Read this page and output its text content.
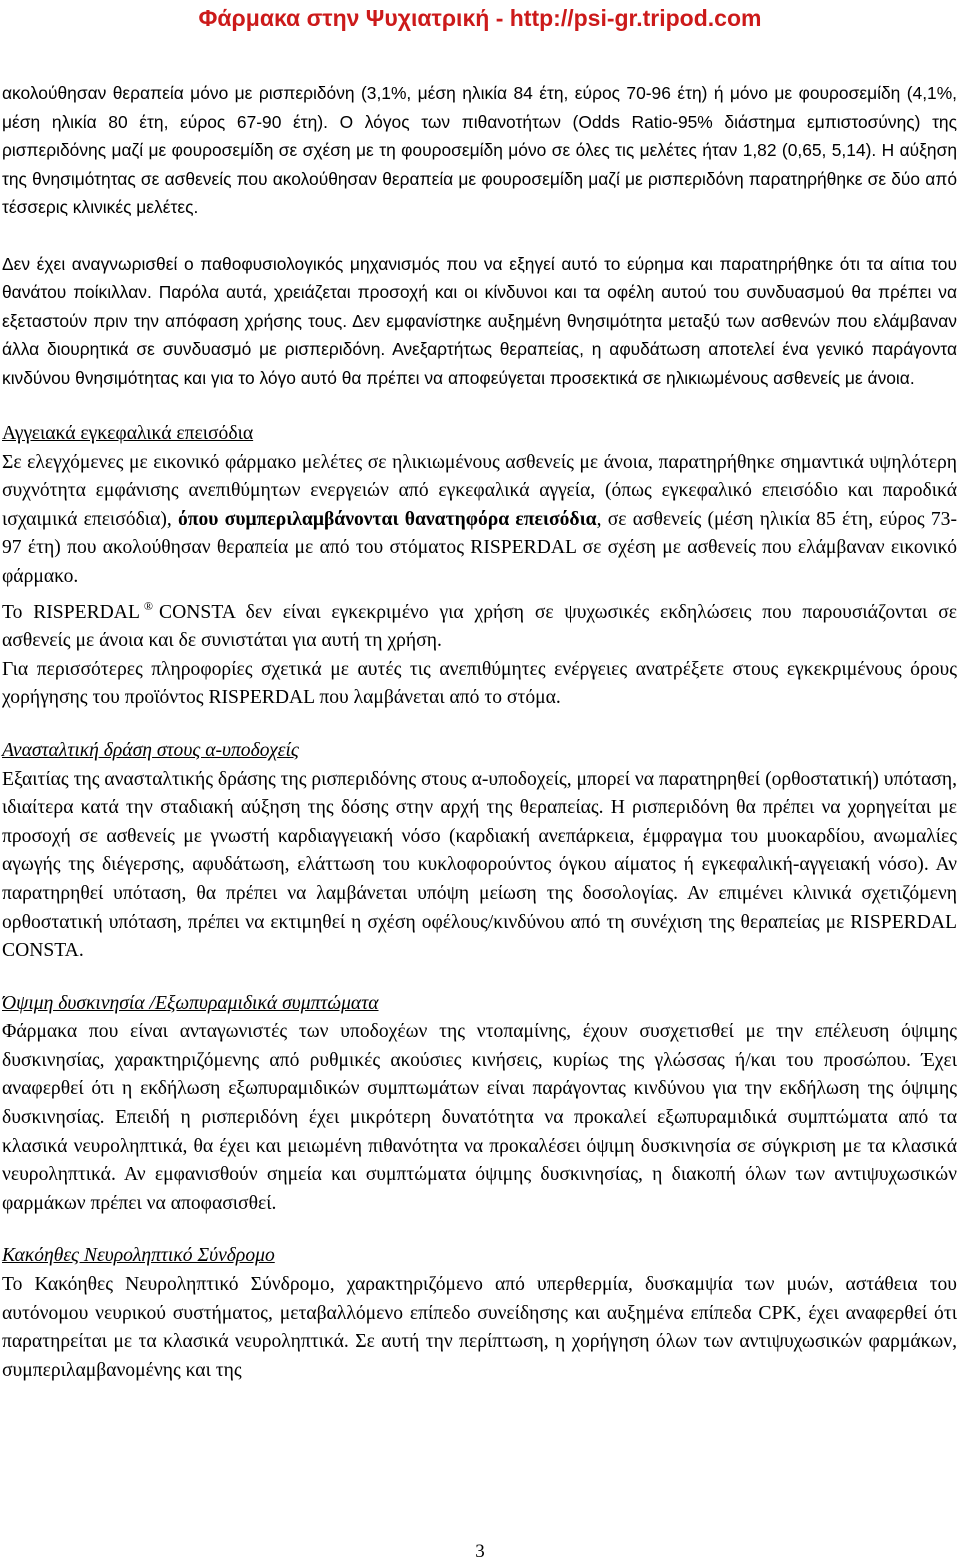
Φάρμακα στην Ψυχιατρική - http://psi-gr.tripod.com

ακολούθησαν θεραπεία μόνο με ρισπεριδόνη (3,1%, μέση ηλικία 84 έτη, εύρος 70-96 έτη) ή μόνο με φουροσεμίδη (4,1%, μέση ηλικία 80 έτη, εύρος 67-90 έτη). Ο λόγος των πιθανοτήτων (Odds Ratio-95% διάστημα εμπιστοσύνης) της ρισπεριδόνης μαζί με φουροσεμίδη σε σχέση με τη φουροσεμίδη μόνο σε όλες τις μελέτες ήταν 1,82 (0,65, 5,14). Η αύξηση της θνησιμότητας σε ασθενείς που ακολούθησαν θεραπεία με φουροσεμίδη μαζί με ρισπεριδόνη παρατηρήθηκε σε δύο από τέσσερις κλινικές μελέτες.

Δεν έχει αναγνωρισθεί ο παθοφυσιολογικός μηχανισμός που να εξηγεί αυτό το εύρημα και παρατηρήθηκε ότι τα αίτια του θανάτου ποίκιλλαν. Παρόλα αυτά, χρειάζεται προσοχή και οι κίνδυνοι και τα οφέλη αυτού του συνδυασμού θα πρέπει να εξεταστούν πριν την απόφαση χρήσης τους. Δεν εμφανίστηκε αυξημένη θνησιμότητα μεταξύ των ασθενών που ελάμβαναν άλλα διουρητικά σε συνδυασμό με ρισπεριδόνη. Ανεξαρτήτως θεραπείας, η αφυδάτωση αποτελεί ένα γενικό παράγοντα κινδύνου θνησιμότητας και για το λόγο αυτό θα πρέπει να αποφεύγεται προσεκτικά σε ηλικιωμένους ασθενείς με άνοια.

Αγγειακά εγκεφαλικά επεισόδια

Σε ελεγχόμενες με εικονικό φάρμακο μελέτες σε ηλικιωμένους ασθενείς με άνοια, παρατηρήθηκε σημαντικά υψηλότερη συχνότητα εμφάνισης ανεπιθύμητων ενεργειών από εγκεφαλικά αγγεία, (όπως εγκεφαλικό επεισόδιο και παροδικά ισχαιμικά επεισόδια), όπου συμπεριλαμβάνονται θανατηφόρα επεισόδια, σε ασθενείς (μέση ηλικία 85 έτη, εύρος 73-97 έτη) που ακολούθησαν θεραπεία με από του στόματος RISPERDAL σε σχέση με ασθενείς που ελάμβαναν εικονικό φάρμακο.

Το RISPERDAL ® CONSTA δεν είναι εγκεκριμένο για χρήση σε ψυχωσικές εκδηλώσεις που παρουσιάζονται σε ασθενείς με άνοια και δε συνιστάται για αυτή τη χρήση.

Για περισσότερες πληροφορίες σχετικά με αυτές τις ανεπιθύμητες ενέργειες ανατρέξετε στους εγκεκριμένους όρους χορήγησης του προϊόντος RISPERDAL που λαμβάνεται από το στόμα.

Ανασταλτική δράση στους α-υποδοχείς

Εξαιτίας της ανασταλτικής δράσης της ρισπεριδόνης στους α-υποδοχείς, μπορεί να παρατηρηθεί (ορθοστατική) υπόταση, ιδιαίτερα κατά την σταδιακή αύξηση της δόσης στην αρχή της θεραπείας. Η ρισπεριδόνη θα πρέπει να χορηγείται με προσοχή σε ασθενείς με γνωστή καρδιαγγειακή νόσο (καρδιακή ανεπάρκεια, έμφραγμα του μυοκαρδίου, ανωμαλίες αγωγής της διέγερσης, αφυδάτωση, ελάττωση του κυκλοφορούντος όγκου αίματος ή εγκεφαλική-αγγειακή νόσο). Αν παρατηρηθεί υπόταση, θα πρέπει να λαμβάνεται υπόψη μείωση της δοσολογίας. Αν επιμένει κλινικά σχετιζόμενη ορθοστατική υπόταση, πρέπει να εκτιμηθεί η σχέση οφέλους/κινδύνου από τη συνέχιση της θεραπείας με RISPERDAL CONSTA.

Όψιμη δυσκινησία /Εξωπυραμιδικά συμπτώματα

Φάρμακα που είναι ανταγωνιστές των υποδοχέων της ντοπαμίνης, έχουν συσχετισθεί με την επέλευση όψιμης δυσκινησίας, χαρακτηριζόμενης από ρυθμικές ακούσιες κινήσεις, κυρίως της γλώσσας ή/και του προσώπου. Έχει αναφερθεί ότι η εκδήλωση εξωπυραμιδικών συμπτωμάτων είναι παράγοντας κινδύνου για την εκδήλωση της όψιμης δυσκινησίας. Επειδή η ρισπεριδόνη έχει μικρότερη δυνατότητα να προκαλεί εξωπυραμιδικά συμπτώματα από τα κλασικά νευροληπτικά, θα έχει και μειωμένη πιθανότητα να προκαλέσει όψιμη δυσκινησία σε σύγκριση με τα κλασικά νευροληπτικά. Αν εμφανισθούν σημεία και συμπτώματα όψιμης δυσκινησίας, η διακοπή όλων των αντιψυχωσικών φαρμάκων πρέπει να αποφασισθεί.

Κακόηθες Νευροληπτικό Σύνδρομο

Το Κακόηθες Νευροληπτικό Σύνδρομο, χαρακτηριζόμενο από υπερθερμία, δυσκαμψία των μυών, αστάθεια του αυτόνομου νευρικού συστήματος, μεταβαλλόμενο επίπεδο συνείδησης και αυξημένα επίπεδα CPK, έχει αναφερθεί ότι παρατηρείται με τα κλασικά νευροληπτικά. Σε αυτή την περίπτωση, η χορήγηση όλων των αντιψυχωσικών φαρμάκων, συμπεριλαμβανομένης και της

3
